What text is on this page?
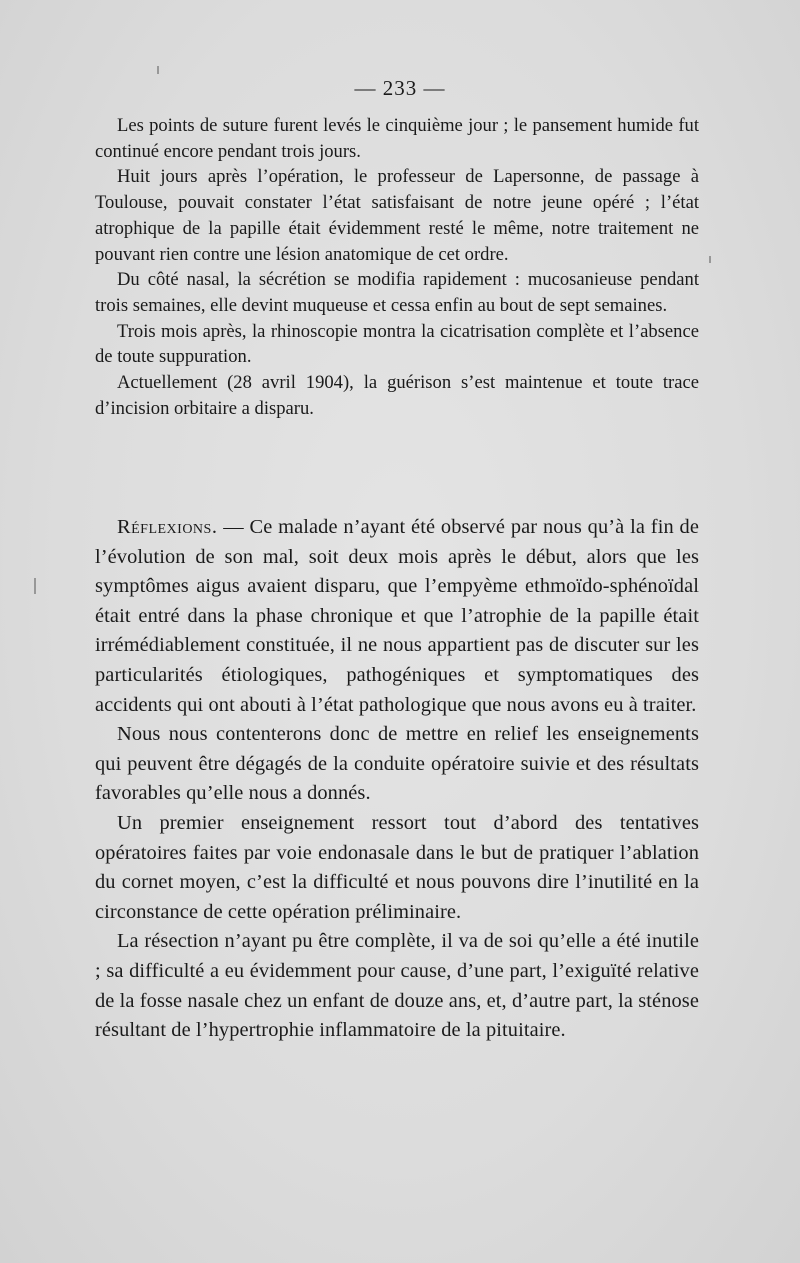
— 233 —

Les points de suture furent levés le cinquième jour ; le pansement humide fut continué encore pendant trois jours.

Huit jours après l’opération, le professeur de Lapersonne, de passage à Toulouse, pouvait constater l’état satisfaisant de notre jeune opéré ; l’état atrophique de la papille était évidemment resté le même, notre traitement ne pouvant rien contre une lésion anatomique de cet ordre.

Du côté nasal, la sécrétion se modifia rapidement : mucosanieuse pendant trois semaines, elle devint muqueuse et cessa enfin au bout de sept semaines.

Trois mois après, la rhinoscopie montra la cicatrisation complète et l’absence de toute suppuration.

Actuellement (28 avril 1904), la guérison s’est maintenue et toute trace d’incision orbitaire a disparu.

Réflexions. — Ce malade n’ayant été observé par nous qu’à la fin de l’évolution de son mal, soit deux mois après le début, alors que les symptômes aigus avaient disparu, que l’empyème ethmoïdo-sphénoïdal était entré dans la phase chronique et que l’atrophie de la papille était irrémédiablement constituée, il ne nous appartient pas de discuter sur les particularités étiologiques, pathogéniques et symptomatiques des accidents qui ont abouti à l’état pathologique que nous avons eu à traiter.

Nous nous contenterons donc de mettre en relief les enseignements qui peuvent être dégagés de la conduite opératoire suivie et des résultats favorables qu’elle nous a donnés.

Un premier enseignement ressort tout d’abord des tentatives opératoires faites par voie endonasale dans le but de pratiquer l’ablation du cornet moyen, c’est la difficulté et nous pouvons dire l’inutilité en la circonstance de cette opération préliminaire.

La résection n’ayant pu être complète, il va de soi qu’elle a été inutile ; sa difficulté a eu évidemment pour cause, d’une part, l’exiguïté relative de la fosse nasale chez un enfant de douze ans, et, d’autre part, la sténose résultant de l’hypertrophie inflammatoire de la pituitaire.
